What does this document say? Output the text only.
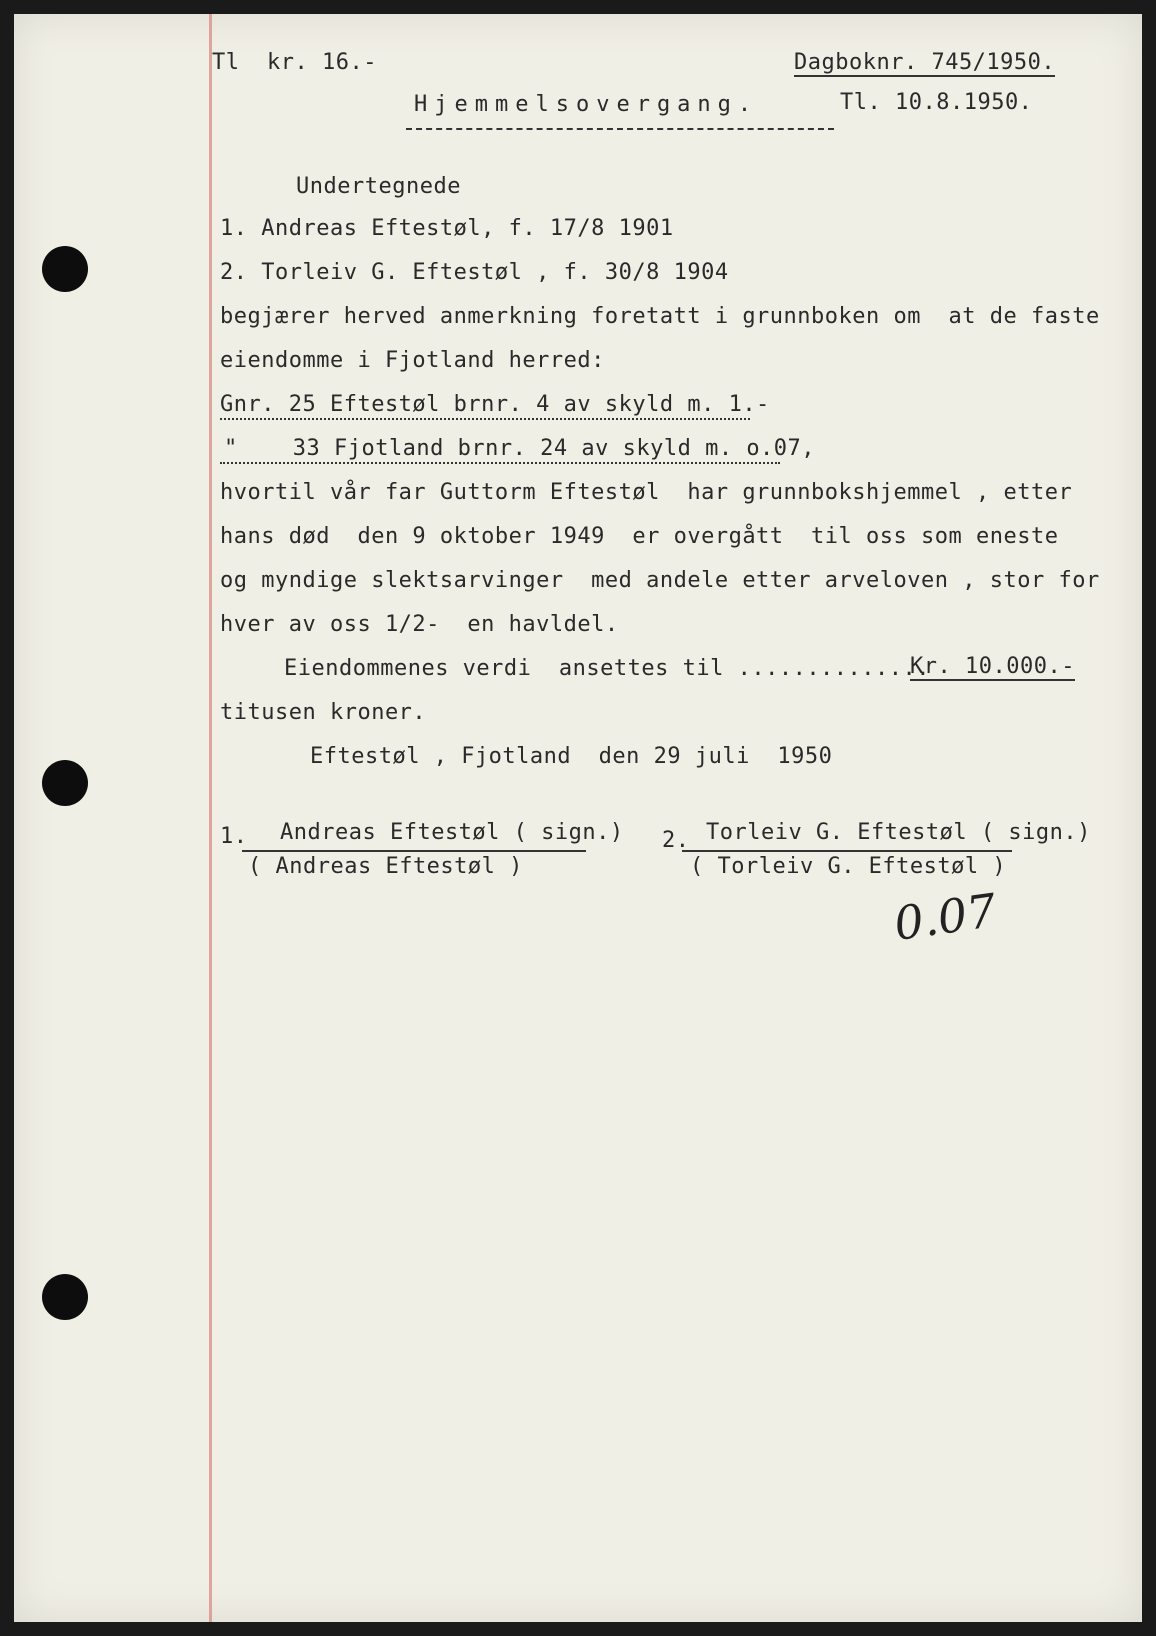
Tl  kr. 16.-	Dagboknr. 745/1950.
Hjemmelsovergang.	Tl. 10.8.1950.
Undertegnede
1. Andreas Eftestøl, f. 17/8 1901
2. Torleiv G. Eftestøl , f. 30/8 1904
begjærer herved anmerkning foretatt i grunnboken om  at de faste
eiendomme i Fjotland herred:
Gnr. 25 Eftestøl brnr. 4 av skyld m. 1.-
"    33 Fjotland brnr. 24 av skyld m. o.07,
hvortil vår far Guttorm Eftestøl  har grunnbokshjemmel , etter
hans død  den 9 oktober 1949  er overgått  til oss som eneste
og myndige slektsarvinger  med andele etter arveloven , stor for
hver av oss 1/2-  en havldel.
Eiendommenes verdi  ansettes til ..............
Kr. 10.000.-
titusen kroner.
Eftestøl , Fjotland  den 29 juli  1950
1. Andreas Eftestøl ( sign.)
( Andreas Eftestøl )
2. Torleiv G. Eftestøl ( sign.)
( Torleiv G. Eftestøl )
0.07
